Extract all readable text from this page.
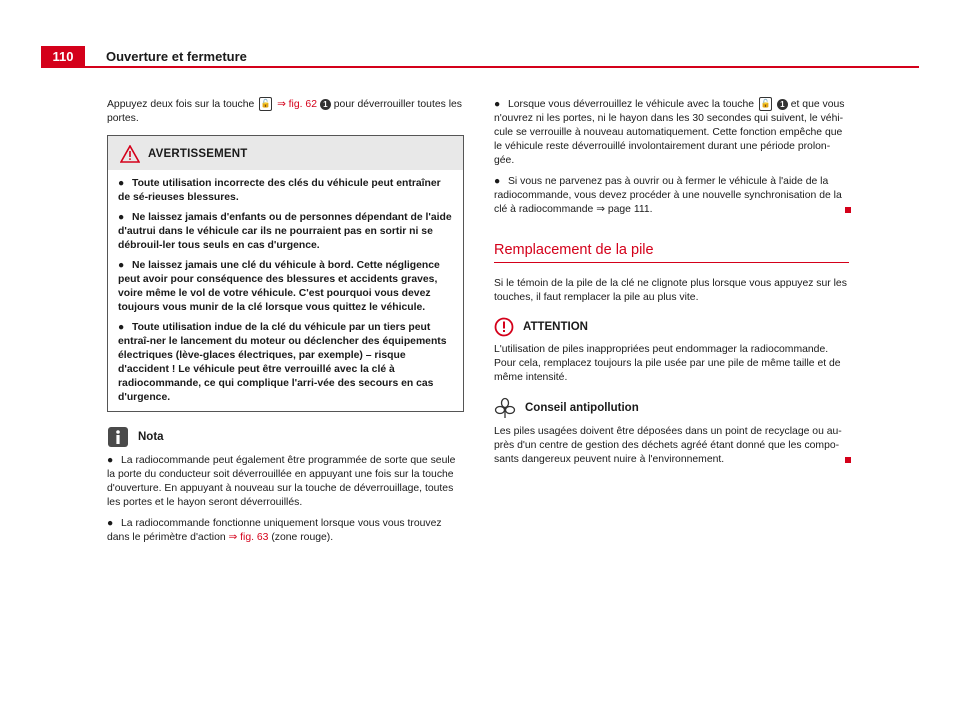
110	Ouverture et fermeture

Appuyez deux fois sur la touche 🔓 ⇒ fig. 62 1 pour déverrouiller toutes les portes.

AVERTISSEMENT

● Toute utilisation incorrecte des clés du véhicule peut entraîner de sé-rieuses blessures.

● Ne laissez jamais d'enfants ou de personnes dépendant de l'aide d'autrui dans le véhicule car ils ne pourraient pas en sortir ni se débrouil-ler tous seuls en cas d'urgence.

● Ne laissez jamais une clé du véhicule à bord. Cette négligence peut avoir pour conséquence des blessures et accidents graves, voire même le vol de votre véhicule. C'est pourquoi vous devez toujours vous munir de la clé lorsque vous quittez le véhicule.

● Toute utilisation indue de la clé du véhicule par un tiers peut entraî-ner le lancement du moteur ou déclencher des équipements électriques (lève-glaces électriques, par exemple) – risque d'accident ! Le véhicule peut être verrouillé avec la clé à radiocommande, ce qui complique l'arri-vée des secours en cas d'urgence.

Nota

● La radiocommande peut également être programmée de sorte que seule la porte du conducteur soit déverrouillée en appuyant une fois sur la touche d'ouverture. En appuyant à nouveau sur la touche de déverrouillage, toutes les portes et le hayon seront déverrouillés.

● La radiocommande fonctionne uniquement lorsque vous vous trouvez dans le périmètre d'action ⇒ fig. 63 (zone rouge).

● Lorsque vous déverrouillez le véhicule avec la touche 🔓 1 et que vous n'ouvrez ni les portes, ni le hayon dans les 30 secondes qui suivent, le véhi-cule se verrouille à nouveau automatiquement. Cette fonction empêche que le véhicule reste déverrouillé involontairement durant une période prolon-gée.

● Si vous ne parvenez pas à ouvrir ou à fermer le véhicule à l'aide de la radiocommande, vous devez procéder à une nouvelle synchronisation de la clé à radiocommande ⇒ page 111.

Remplacement de la pile

Si le témoin de la pile de la clé ne clignote plus lorsque vous appuyez sur les touches, il faut remplacer la pile au plus vite.

ATTENTION

L'utilisation de piles inappropriées peut endommager la radiocommande. Pour cela, remplacez toujours la pile usée par une pile de même taille et de même intensité.

Conseil antipollution

Les piles usagées doivent être déposées dans un point de recyclage ou au-près d'un centre de gestion des déchets agréé étant donné que les compo-sants dangereux peuvent nuire à l'environnement.
